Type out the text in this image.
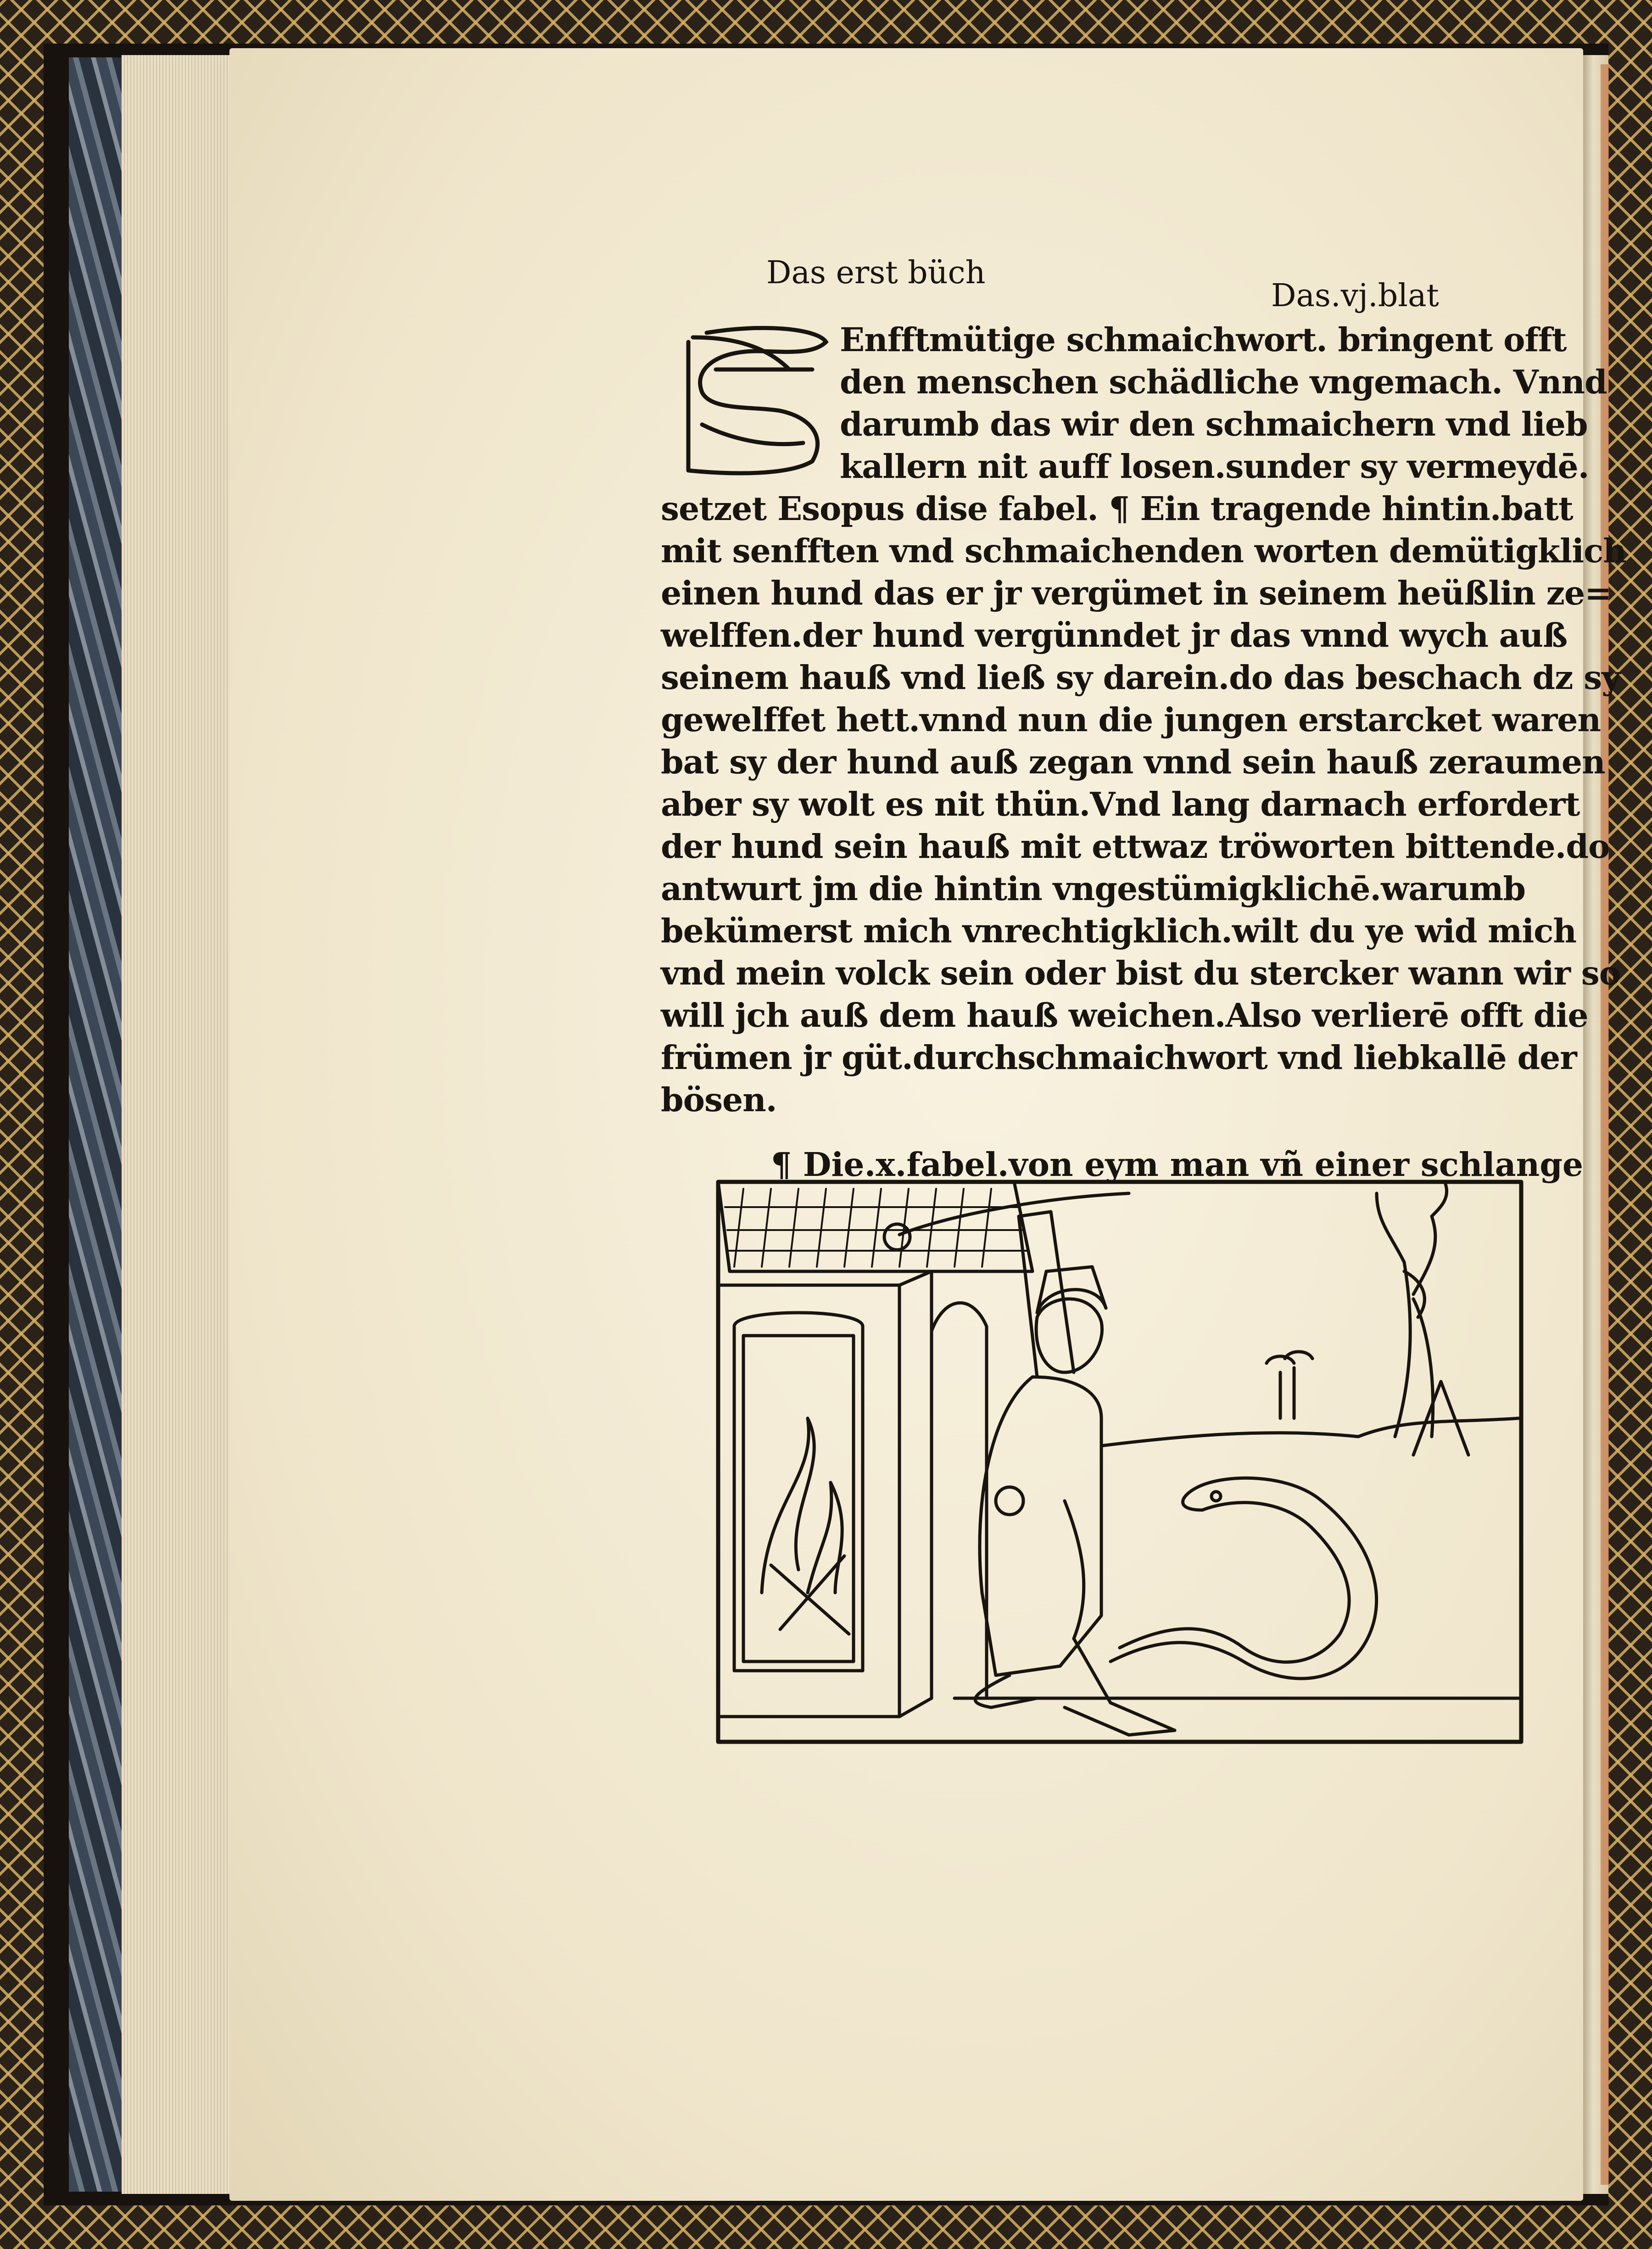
Das erst büch
Das.vj.blat
S
Enfftmütige schmaichwort. bringent offt
den menschen schädliche vngemach. Vnnd
darumb das wir den schmaichern vnd lieb
kallern nit auff losen.sunder sy vermeydē.
setzet Esopus dise fabel. ¶ Ein tragende hintin.batt
mit senfften vnd schmaichenden worten demütigklich
einen hund das er jr vergümet in seinem heüßlin ze=
welffen.der hund vergünndet jr das vnnd wych auß
seinem hauß vnd ließ sy darein.do das beschach dz sy
gewelffet hett.vnnd nun die jungen erstarcket waren
bat sy der hund auß zegan vnnd sein hauß zeraumen
aber sy wolt es nit thün.Vnd lang darnach erfordert
der hund sein hauß mit ettwaz tröworten bittende.do
antwurt jm die hintin vngestümigklichē.warumb
bekümerst mich vnrechtigklich.wilt du ye wid mich
vnd mein volck sein oder bist du stercker wann wir so
will jch auß dem hauß weichen.Also verlierē offt die
frümen jr güt.durchschmaichwort vnd liebkallē der
bösen.
¶ Die.x.fabel.von eym man vñ einer schlange
